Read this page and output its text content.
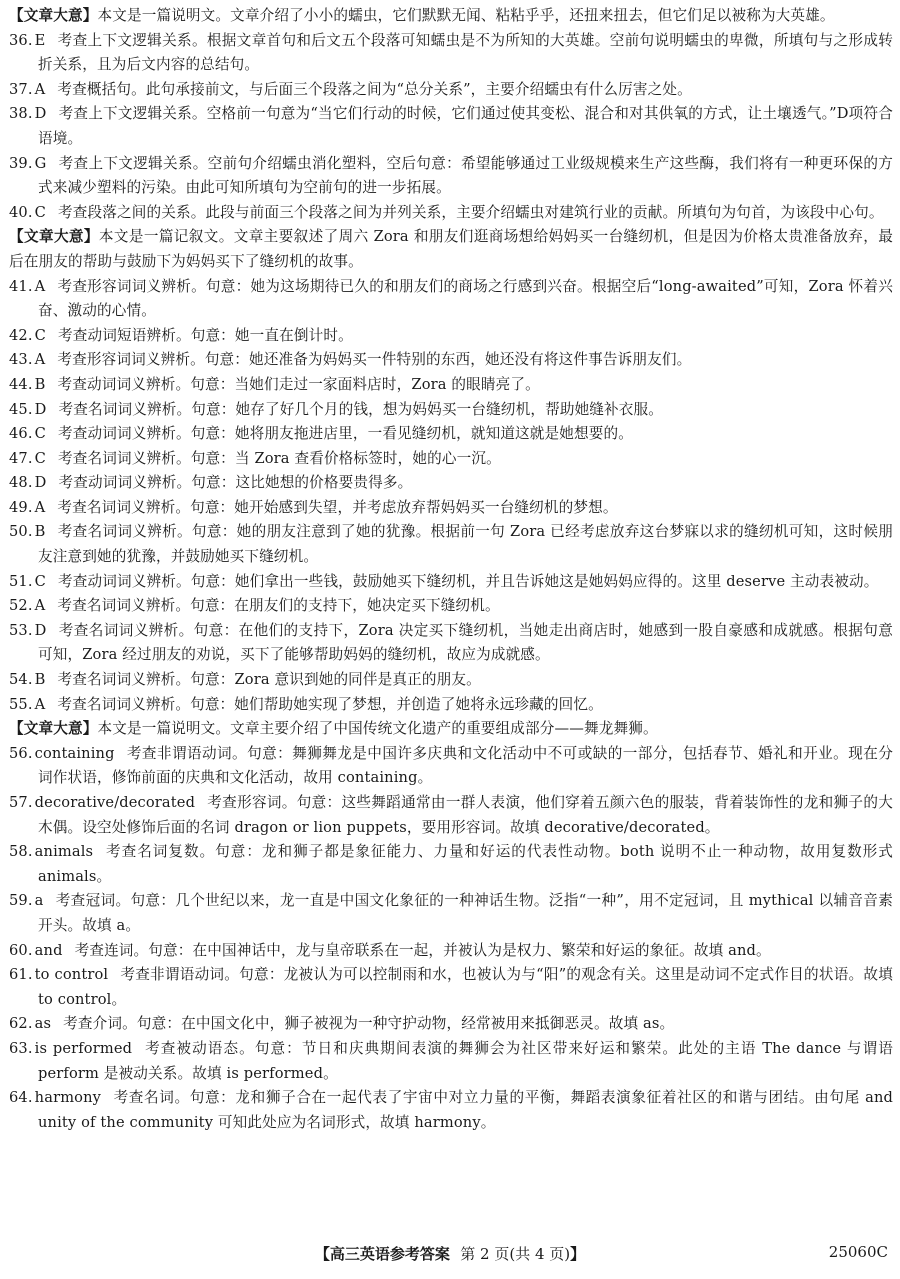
【文章大意】本文是一篇说明文。文章介绍了小小的蠕虫，它们默默无闻、粘粘乎乎，还扭来扭去，但它们足以被称为大英雄。
36. E 考查上下文逻辑关系。根据文章首句和后文五个段落可知蠕虫是不为所知的大英雄。空前句说明蠕虫的卑微，所填句与之形成转折关系，且为后文内容的总结句。
37. A 考查概括句。此句承接前文，与后面三个段落之间为“总分关系”，主要介绍蠕虫有什么厉害之处。
38. D 考查上下文逻辑关系。空格前一句意为“当它们行动的时候，它们通过使其变松、混合和对其供氧的方式，让土壤透气。”D项符合语境。
39. G 考查上下文逻辑关系。空前句介绍蠕虫消化塑料，空后句意：希望能够通过工业级规模来生产这些酶，我们将有一种更环保的方式来减少塑料的污染。由此可知所填句为空前句的进一步拓展。
40. C 考查段落之间的关系。此段与前面三个段落之间为并列关系，主要介绍蠕虫对建筑行业的贡献。所填句为句首，为该段中心句。
【文章大意】本文是一篇记叙文。文章主要叙述了周六 Zora 和朋友们逛商场想给妈妈买一台缝纫机，但是因为价格太贵准备放弃，最后在朋友的帮助与鼓励下为妈妈买下了缝纫机的故事。
41. A 考查形容词词义辨析。句意：她为这场期待已久的和朋友们的商场之行感到兴奋。根据空后“long-awaited”可知，Zora 怀着兴奋、激动的心情。
42. C 考查动词短语辨析。句意：她一直在倒计时。
43. A 考查形容词词义辨析。句意：她还准备为妈妈买一件特别的东西，她还没有将这件事告诉朋友们。
44. B 考查动词词义辨析。句意：当她们走过一家面料店时，Zora 的眼睛亮了。
45. D 考查名词词义辨析。句意：她存了好几个月的钱，想为妈妈买一台缝纫机，帮助她缝补衣服。
46. C 考查动词词义辨析。句意：她将朋友拖进店里，一看见缝纫机，就知道这就是她想要的。
47. C 考查名词词义辨析。句意：当 Zora 查看价格标签时，她的心一沉。
48. D 考查动词词义辨析。句意：这比她想的价格要贵得多。
49. A 考查名词词义辨析。句意：她开始感到失望，并考虑放弃帮妈妈买一台缝纫机的梦想。
50. B 考查名词词义辨析。句意：她的朋友注意到了她的犹豫。根据前一句 Zora 已经考虑放弃这台梦寐以求的缝纫机可知，这时候朋友注意到她的犹豫，并鼓励她买下缝纫机。
51. C 考查动词词义辨析。句意：她们拿出一些钱，鼓励她买下缝纫机，并且告诉她这是她妈妈应得的。这里 deserve 主动表被动。
52. A 考查名词词义辨析。句意：在朋友们的支持下，她决定买下缝纫机。
53. D 考查名词词义辨析。句意：在他们的支持下，Zora 决定买下缝纫机，当她走出商店时，她感到一股自豪感和成就感。根据句意可知，Zora 经过朋友的劝说，买下了能够帮助妈妈的缝纫机，故应为成就感。
54. B 考查名词词义辨析。句意：Zora 意识到她的同伴是真正的朋友。
55. A 考查名词词义辨析。句意：她们帮助她实现了梦想，并创造了她将永远珍藏的回忆。
【文章大意】本文是一篇说明文。文章主要介绍了中国传统文化遗产的重要组成部分——舞龙舞狮。
56. containing 考查非谓语动词。句意：舞狮舞龙是中国许多庆典和文化活动中不可或缺的一部分，包括春节、婚礼和开业。现在分词作状语，修饰前面的庆典和文化活动，故用 containing。
57. decorative/decorated 考查形容词。句意：这些舞蹈通常由一群人表演，他们穿着五颜六色的服装，背着装饰性的龙和狮子的大木偶。设空处修饰后面的名词 dragon or lion puppets，要用形容词。故填 decorative/decorated。
58. animals 考查名词复数。句意：龙和狮子都是象征能力、力量和好运的代表性动物。both 说明不止一种动物，故用复数形式 animals。
59. a 考查冠词。句意：几个世纪以来，龙一直是中国文化象征的一种神话生物。泛指“一种”，用不定冠词，且 mythical 以辅音音素开头。故填 a。
60. and 考查连词。句意：在中国神话中，龙与皇帝联系在一起，并被认为是权力、繁荣和好运的象征。故填 and。
61. to control 考查非谓语动词。句意：龙被认为可以控制雨和水，也被认为与“阳”的观念有关。这里是动词不定式作目的状语。故填 to control。
62. as 考查介词。句意：在中国文化中，狮子被视为一种守护动物，经常被用来抵御恶灵。故填 as。
63. is performed 考查被动语态。句意：节日和庆典期间表演的舞狮会为社区带来好运和繁荣。此处的主语 The dance 与谓语 perform 是被动关系。故填 is performed。
64. harmony 考查名词。句意：龙和狮子合在一起代表了宇宙中对立力量的平衡，舞蹈表演象征着社区的和谐与团结。由句尾 and unity of the community 可知此处应为名词形式，故填 harmony。
【高三英语参考答案 第 2 页(共 4 页)】	25060C
